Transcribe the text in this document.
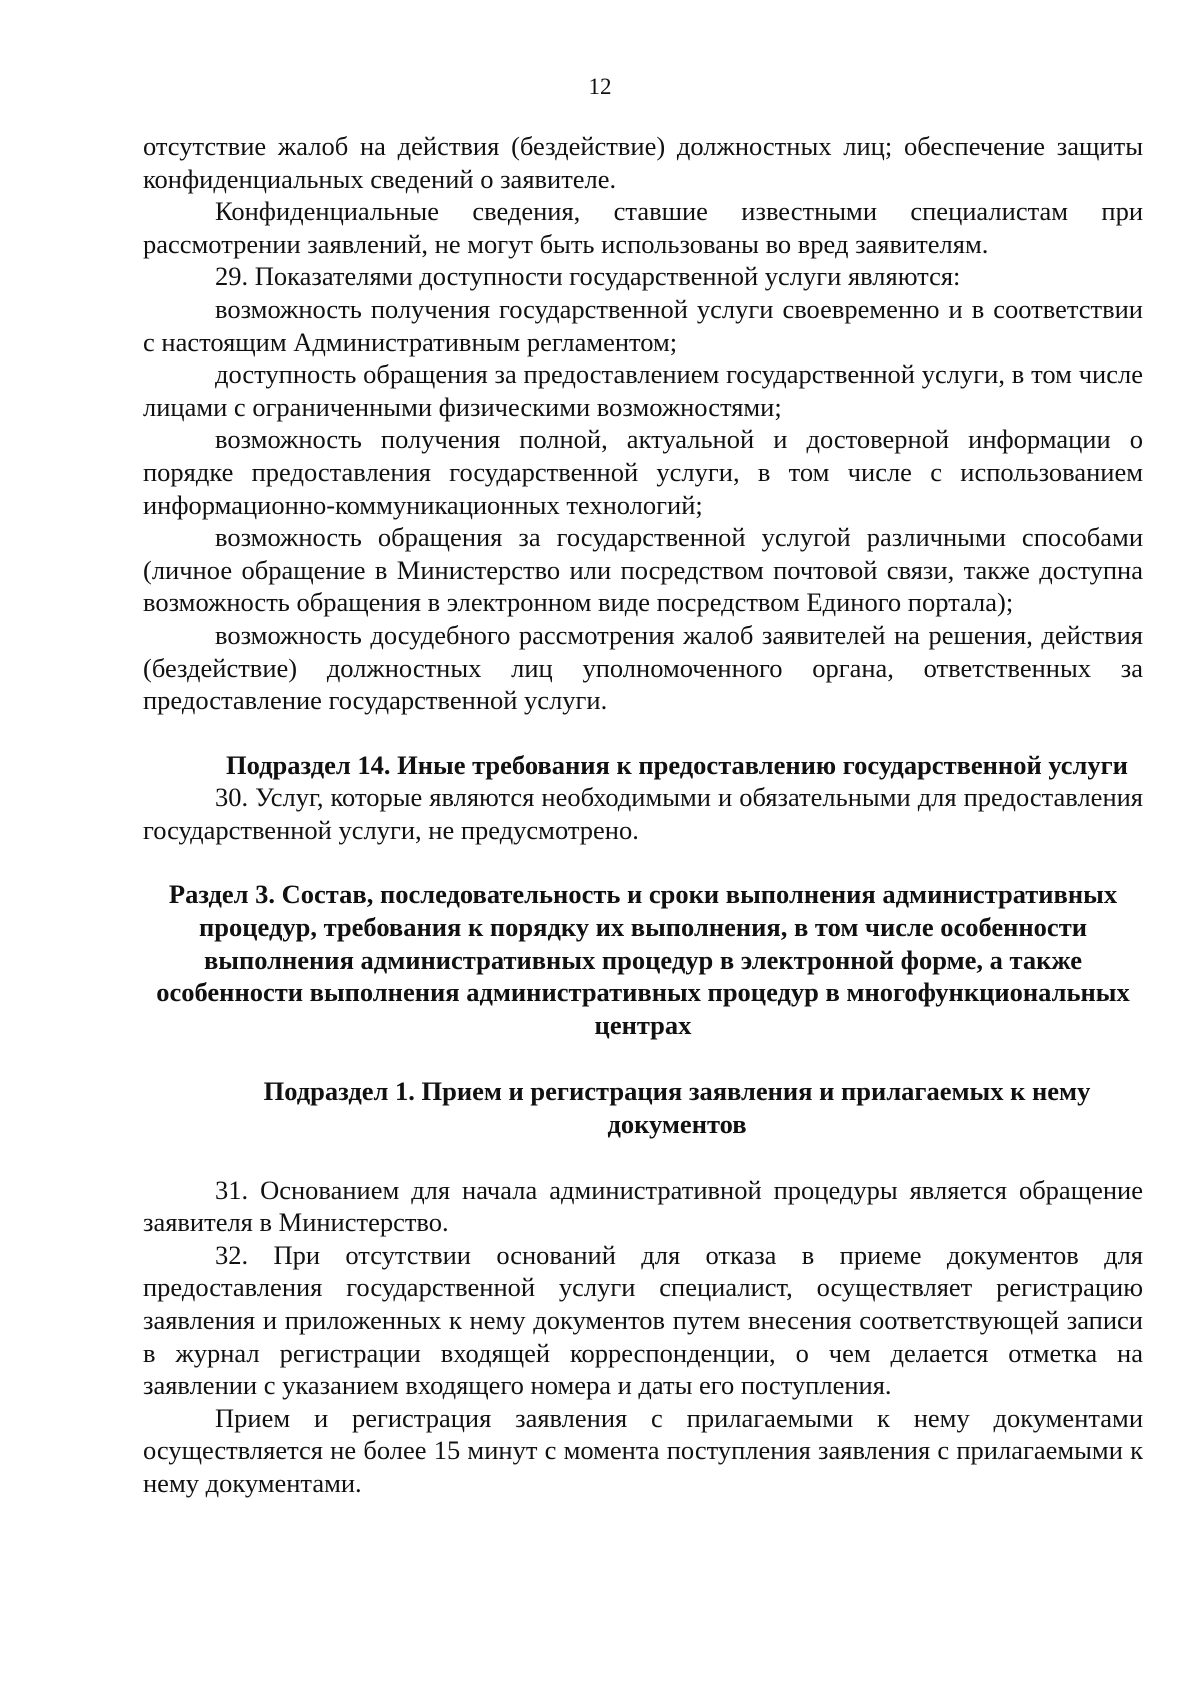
12

отсутствие жалоб на действия (бездействие) должностных лиц; обеспечение защиты конфиденциальных сведений о заявителе.

Конфиденциальные сведения, ставшие известными специалистам при рассмотрении заявлений, не могут быть использованы во вред заявителям.

29. Показателями доступности государственной услуги являются:

возможность получения государственной услуги своевременно и в соответствии с настоящим Административным регламентом;

доступность обращения за предоставлением государственной услуги, в том числе лицами с ограниченными физическими возможностями;

возможность получения полной, актуальной и достоверной информации о порядке предоставления государственной услуги, в том числе с использованием информационно-коммуникационных технологий;

возможность обращения за государственной услугой различными способами (личное обращение в Министерство или посредством почтовой связи, также доступна возможность обращения в электронном виде посредством Единого портала);

возможность досудебного рассмотрения жалоб заявителей на решения, действия (бездействие) должностных лиц уполномоченного органа, ответственных за предоставление государственной услуги.

Подраздел 14. Иные требования к предоставлению государственной услуги

30. Услуг, которые являются необходимыми и обязательными для предоставления государственной услуги, не предусмотрено.

Раздел 3. Состав, последовательность и сроки выполнения административных процедур, требования к порядку их выполнения, в том числе особенности выполнения административных процедур в электронной форме, а также особенности выполнения административных процедур в многофункциональных центрах
Подраздел 1. Прием и регистрация заявления и прилагаемых к нему документов

31. Основанием для начала административной процедуры является обращение заявителя в Министерство.

32. При отсутствии оснований для отказа в приеме документов для предоставления государственной услуги специалист, осуществляет регистрацию заявления и приложенных к нему документов путем внесения соответствующей записи в журнал регистрации входящей корреспонденции, о чем делается отметка на заявлении с указанием входящего номера и даты его поступления.

Прием и регистрация заявления с прилагаемыми к нему документами осуществляется не более 15 минут с момента поступления заявления с прилагаемыми к нему документами.
